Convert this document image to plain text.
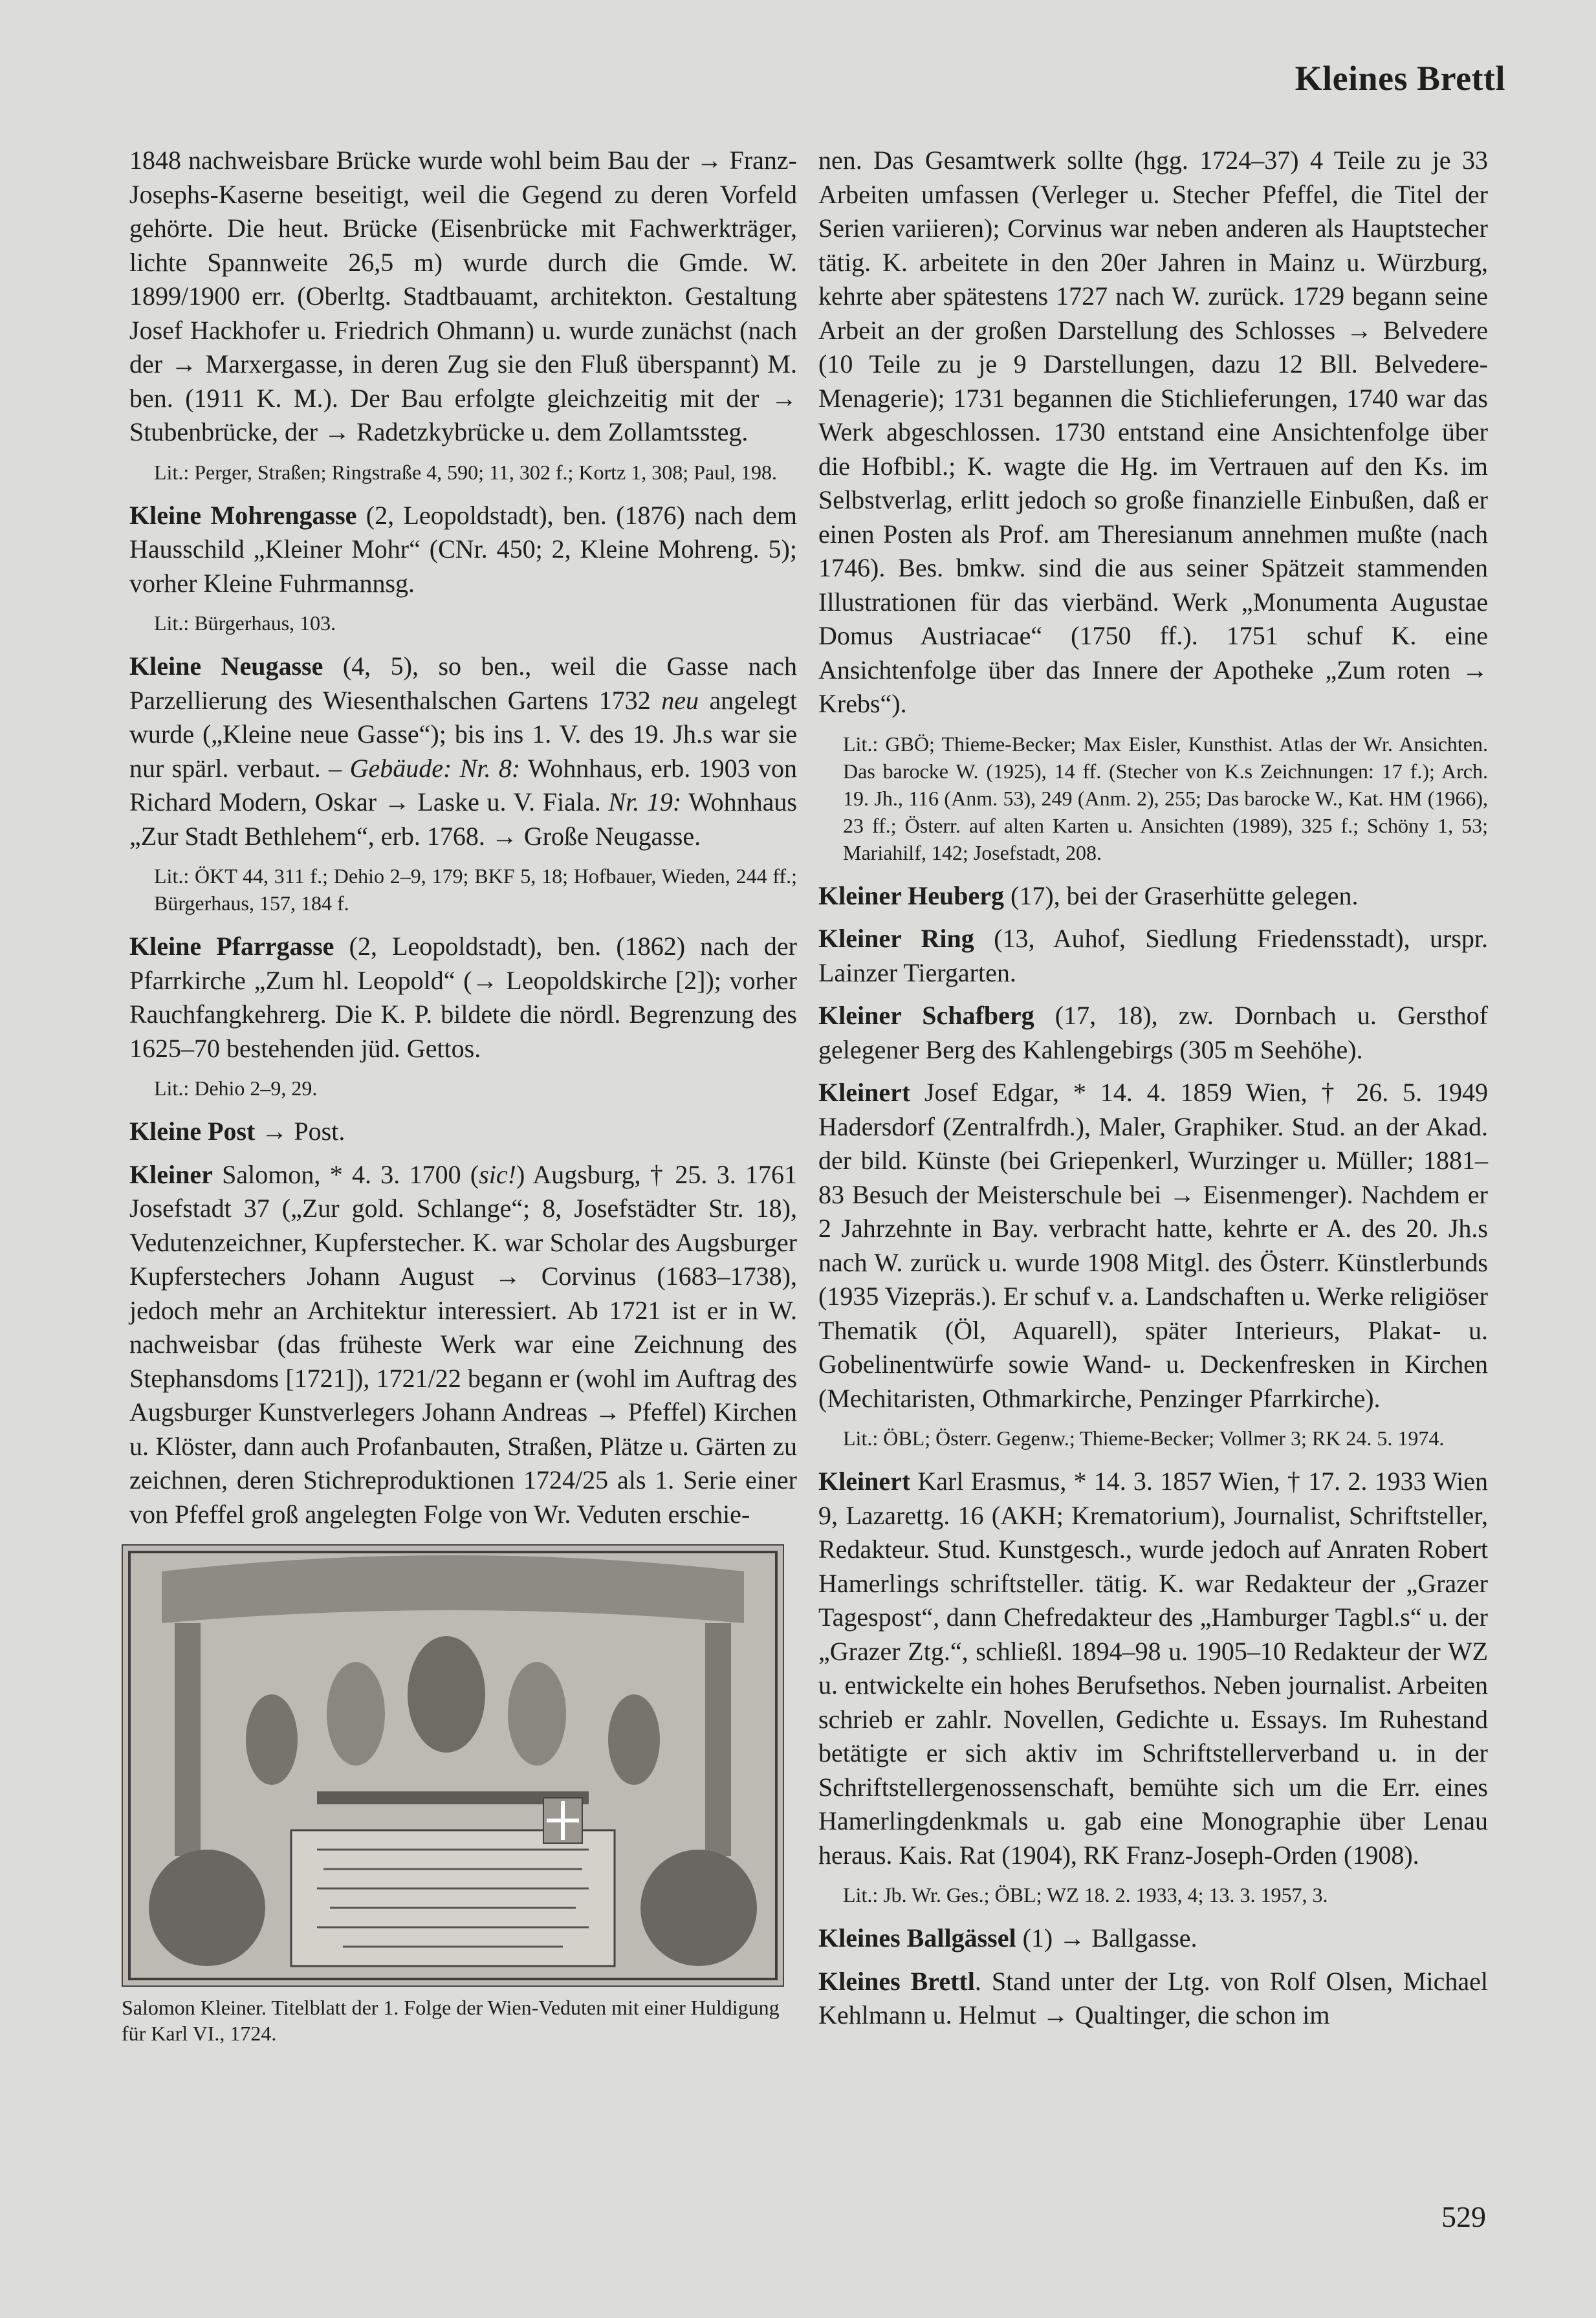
Kleines Brettl

1848 nachweisbare Brücke wurde wohl beim Bau der → Franz-Josephs-Kaserne beseitigt, weil die Gegend zu deren Vorfeld gehörte. Die heut. Brücke (Eisenbrücke mit Fachwerkträger, lichte Spannweite 26,5 m) wurde durch die Gmde. W. 1899/1900 err. (Oberltg. Stadtbauamt, architekton. Gestaltung Josef Hackhofer u. Friedrich Ohmann) u. wurde zunächst (nach der → Marxergasse, in deren Zug sie den Fluß überspannt) M. ben. (1911 K. M.). Der Bau erfolgte gleichzeitig mit der → Stubenbrücke, der → Radetzkybrücke u. dem Zollamtssteg.

Lit.: Perger, Straßen; Ringstraße 4, 590; 11, 302 f.; Kortz 1, 308; Paul, 198.

Kleine Mohrengasse (2, Leopoldstadt), ben. (1876) nach dem Hausschild „Kleiner Mohr“ (CNr. 450; 2, Kleine Mohreng. 5); vorher Kleine Fuhrmannsg.

Lit.: Bürgerhaus, 103.

Kleine Neugasse (4, 5), so ben., weil die Gasse nach Parzellierung des Wiesenthalschen Gartens 1732 neu angelegt wurde („Kleine neue Gasse“); bis ins 1. V. des 19. Jh.s war sie nur spärl. verbaut. – Gebäude: Nr. 8: Wohnhaus, erb. 1903 von Richard Modern, Oskar → Laske u. V. Fiala. Nr. 19: Wohnhaus „Zur Stadt Bethlehem“, erb. 1768. → Große Neugasse.

Lit.: ÖKT 44, 311 f.; Dehio 2–9, 179; BKF 5, 18; Hofbauer, Wieden, 244 ff.; Bürgerhaus, 157, 184 f.

Kleine Pfarrgasse (2, Leopoldstadt), ben. (1862) nach der Pfarrkirche „Zum hl. Leopold“ (→ Leopoldskirche [2]); vorher Rauchfangkehrerg. Die K. P. bildete die nördl. Begrenzung des 1625–70 bestehenden jüd. Gettos.

Lit.: Dehio 2–9, 29.

Kleine Post → Post.

Kleiner Salomon, * 4. 3. 1700 (sic!) Augsburg, † 25. 3. 1761 Josefstadt 37 („Zur gold. Schlange“; 8, Josefstädter Str. 18), Vedutenzeichner, Kupferstecher. K. war Scholar des Augsburger Kupferstechers Johann August → Corvinus (1683–1738), jedoch mehr an Architektur interessiert. Ab 1721 ist er in W. nachweisbar (das früheste Werk war eine Zeichnung des Stephansdoms [1721]), 1721/22 begann er (wohl im Auftrag des Augsburger Kunstverlegers Johann Andreas → Pfeffel) Kirchen u. Klöster, dann auch Profanbauten, Straßen, Plätze u. Gärten zu zeichnen, deren Stichreproduktionen 1724/25 als 1. Serie einer von Pfeffel groß angelegten Folge von Wr. Veduten erschie-

Salomon Kleiner. Titelblatt der 1. Folge der Wien-Veduten mit einer Huldigung für Karl VI., 1724.

nen. Das Gesamtwerk sollte (hgg. 1724–37) 4 Teile zu je 33 Arbeiten umfassen (Verleger u. Stecher Pfeffel, die Titel der Serien variieren); Corvinus war neben anderen als Hauptstecher tätig. K. arbeitete in den 20er Jahren in Mainz u. Würzburg, kehrte aber spätestens 1727 nach W. zurück. 1729 begann seine Arbeit an der großen Darstellung des Schlosses → Belvedere (10 Teile zu je 9 Darstellungen, dazu 12 Bll. Belvedere-Menagerie); 1731 begannen die Stichlieferungen, 1740 war das Werk abgeschlossen. 1730 entstand eine Ansichtenfolge über die Hofbibl.; K. wagte die Hg. im Vertrauen auf den Ks. im Selbstverlag, erlitt jedoch so große finanzielle Einbußen, daß er einen Posten als Prof. am Theresianum annehmen mußte (nach 1746). Bes. bmkw. sind die aus seiner Spätzeit stammenden Illustrationen für das vierbänd. Werk „Monumenta Augustae Domus Austriacae“ (1750 ff.). 1751 schuf K. eine Ansichtenfolge über das Innere der Apotheke „Zum roten → Krebs“).

Lit.: GBÖ; Thieme-Becker; Max Eisler, Kunsthist. Atlas der Wr. Ansichten. Das barocke W. (1925), 14 ff. (Stecher von K.s Zeichnungen: 17 f.); Arch. 19. Jh., 116 (Anm. 53), 249 (Anm. 2), 255; Das barocke W., Kat. HM (1966), 23 ff.; Österr. auf alten Karten u. Ansichten (1989), 325 f.; Schöny 1, 53; Mariahilf, 142; Josefstadt, 208.

Kleiner Heuberg (17), bei der Graserhütte gelegen.

Kleiner Ring (13, Auhof, Siedlung Friedensstadt), urspr. Lainzer Tiergarten.

Kleiner Schafberg (17, 18), zw. Dornbach u. Gersthof gelegener Berg des Kahlengebirgs (305 m Seehöhe).

Kleinert Josef Edgar, * 14. 4. 1859 Wien, † 26. 5. 1949 Hadersdorf (Zentralfrdh.), Maler, Graphiker. Stud. an der Akad. der bild. Künste (bei Griepenkerl, Wurzinger u. Müller; 1881–83 Besuch der Meisterschule bei → Eisenmenger). Nachdem er 2 Jahrzehnte in Bay. verbracht hatte, kehrte er A. des 20. Jh.s nach W. zurück u. wurde 1908 Mitgl. des Österr. Künstlerbunds (1935 Vizepräs.). Er schuf v. a. Landschaften u. Werke religiöser Thematik (Öl, Aquarell), später Interieurs, Plakat- u. Gobelinentwürfe sowie Wand- u. Deckenfresken in Kirchen (Mechitaristen, Othmarkirche, Penzinger Pfarrkirche).

Lit.: ÖBL; Österr. Gegenw.; Thieme-Becker; Vollmer 3; RK 24. 5. 1974.

Kleinert Karl Erasmus, * 14. 3. 1857 Wien, † 17. 2. 1933 Wien 9, Lazarettg. 16 (AKH; Krematorium), Journalist, Schriftsteller, Redakteur. Stud. Kunstgesch., wurde jedoch auf Anraten Robert Hamerlings schriftsteller. tätig. K. war Redakteur der „Grazer Tagespost“, dann Chefredakteur des „Hamburger Tagbl.s“ u. der „Grazer Ztg.“, schließl. 1894–98 u. 1905–10 Redakteur der WZ u. entwickelte ein hohes Berufsethos. Neben journalist. Arbeiten schrieb er zahlr. Novellen, Gedichte u. Essays. Im Ruhestand betätigte er sich aktiv im Schriftstellerverband u. in der Schriftstellergenossenschaft, bemühte sich um die Err. eines Hamerlingdenkmals u. gab eine Monographie über Lenau heraus. Kais. Rat (1904), RK Franz-Joseph-Orden (1908).

Lit.: Jb. Wr. Ges.; ÖBL; WZ 18. 2. 1933, 4; 13. 3. 1957, 3.

Kleines Ballgässel (1) → Ballgasse.

Kleines Brettl. Stand unter der Ltg. von Rolf Olsen, Michael Kehlmann u. Helmut → Qualtinger, die schon im

529
